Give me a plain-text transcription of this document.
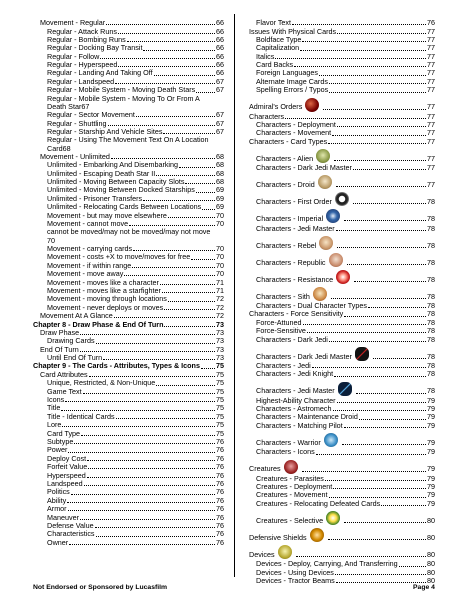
Movement - Regular	66
Regular - Attack Runs	66
Regular - Bombing Runs	66
Regular - Docking Bay Transit	66
Regular - Follow	66
Regular - Hyperspeed	66
Regular - Landing And Taking Off	66
Regular - Landspeed	67
Regular - Mobile System - Moving Death Stars	67
Regular - Mobile System - Moving To Or From A
Death Star 67
Regular - Sector Movement	67
Regular - Shuttling	67
Regular - Starship And Vehicle Sites	67
Regular - Using The Movement Text On A Location
Card 68
Movement - Unlimited	68
Unlimited - Embarking And Disembarking	68
Unlimited - Escaping Death Star II	68
Unlimited - Moving Between Capacity Slots	68
Unlimited - Moving Between Docked Starships	69
Unlimited - Prisoner Transfers	69
Unlimited - Relocating Cards Between Locations 69
Movement - but may move elsewhere	70
Movement - cannot move	70
cannot be moved/may not be moved/may not move
70
Movement - carrying cards	70
Movement - costs +X to move/moves for free	70
Movement - if within range	70
Movement - move away	70
Movement - moves like a character	71
Movement - moves like a starfighter	71
Movement - moving through locations	72
Movement - never deploys or moves	72
Movement At A Glance	72
Chapter 8 - Draw Phase & End Of Turn	73
Draw Phase	73
Drawing Cards	73
End Of Turn	73
Until End Of Turn	73
Chapter 9 - The Cards - Attributes, Types & Icons 75
Card Attributes	75
Unique, Restricted, & Non-Unique	75
Game Text	75
Icons	75
Title	75
Title - Identical Cards	75
Lore	75
Card Type	75
Subtype	76
Power	76
Deploy Cost	76
Forfeit Value	76
Hyperspeed	76
Landspeed	76
Politics	76
Ability	76
Armor	76
Maneuver	76
Defense Value	76
Characteristics	76
Owner	76
Flavor Text	76
Issues With Physical Cards	77
Boldface Type	77
Capitalization	77
Italics	77
Card Backs	77
Foreign Languages	77
Alternate Image Cards	77
Spelling Errors / Typos	77
Admiral's Orders	77
Characters	77
Characters - Deployment	77
Characters - Movement	77
Characters - Card Types	77
Characters - Alien	77
Characters - Dark Jedi Master	77
Characters - Droid	77
Characters - First Order	78
Characters - Imperial	78
Characters - Jedi Master	78
Characters - Rebel	78
Characters - Republic	78
Characters - Resistance	78
Characters - Sith	78
Characters - Dual Character Types	78
Characters - Force Sensitivity	78
Force-Attuned	78
Force-Sensitive	78
Characters - Dark Jedi	78
Characters - Dark Jedi Master	78
Characters - Jedi	78
Characters - Jedi Knight	78
Characters - Jedi Master	78
Highest-Ability Character	79
Characters - Astromech	79
Characters - Maintenance Droid	79
Characters - Matching Pilot	79
Characters - Warrior	79
Characters - Icons	79
Creatures	79
Creatures - Parasites	79
Creatures - Deployment	79
Creatures - Movement	79
Creatures - Relocating Defeated Cards	79
Creatures - Selective	80
Defensive Shields	80
Devices	80
Devices - Deploy, Carrying, And Transferring	80
Devices - Using Devices	80
Devices - Tractor Beams	80
Not Endorsed or Sponsored by Lucasfilm	Page 4
